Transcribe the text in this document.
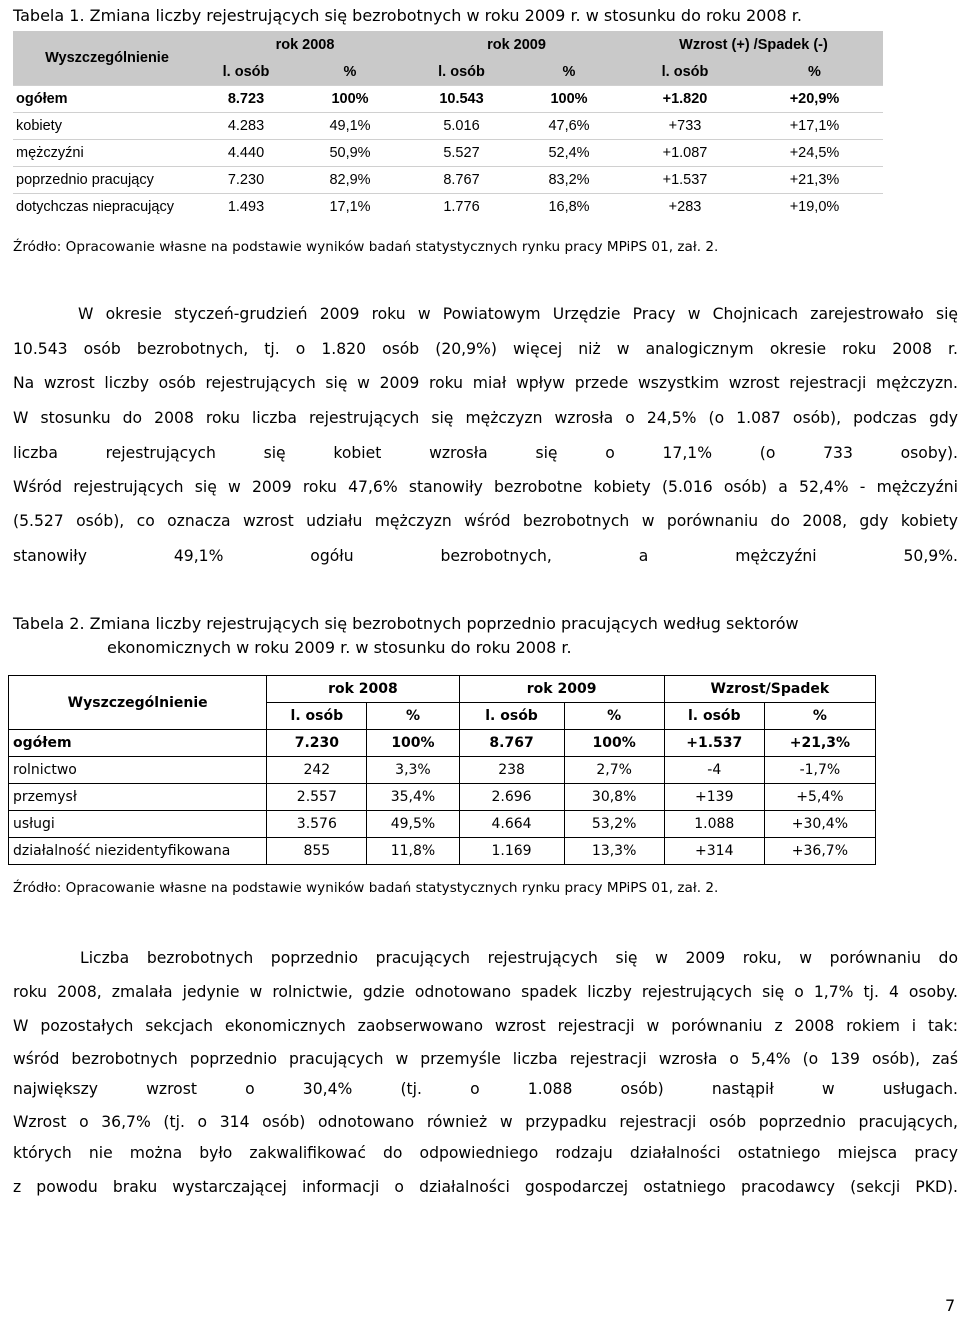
Tabela 1. Zmiana liczby rejestrujących się bezrobotnych w roku 2009 r. w stosunku do roku 2008 r.
Wyszczególnienie	rok 2008		rok 2009		Wzrost (+) /Spadek (-)	
	l. osób	%	l. osób	%	l. osób	%
ogółem	8.723	100%	10.543	100%	+1.820	+20,9%
kobiety	4.283	49,1%	5.016	47,6%	+733	+17,1%
mężczyźni	4.440	50,9%	5.527	52,4%	+1.087	+24,5%
poprzednio pracujący	7.230	82,9%	8.767	83,2%	+1.537	+21,3%
dotychczas niepracujący	1.493	17,1%	1.776	16,8%	+283	+19,0%
Źródło: Opracowanie własne na podstawie wyników badań statystycznych rynku pracy MPiPS 01, zał. 2.
W okresie styczeń-grudzień 2009 roku w Powiatowym Urzędzie Pracy w Chojnicach zarejestrowało się
10.543 osób bezrobotnych, tj. o 1.820 osób (20,9%) więcej niż w analogicznym okresie roku 2008 r.
Na wzrost liczby osób rejestrujących się w 2009 roku miał wpływ przede wszystkim wzrost rejestracji mężczyzn.
W stosunku do 2008 roku liczba rejestrujących się mężczyzn wzrosła o 24,5% (o 1.087 osób), podczas gdy
liczba rejestrujących się kobiet wzrosła się o 17,1% (o 733 osoby).
Wśród rejestrujących się w 2009 roku 47,6% stanowiły bezrobotne kobiety (5.016 osób) a 52,4% - mężczyźni
(5.527 osób), co oznacza wzrost udziału mężczyzn wśród bezrobotnych w porównaniu do 2008, gdy kobiety
stanowiły 49,1% ogółu bezrobotnych, a mężczyźni 50,9%.
Tabela 2. Zmiana liczby rejestrujących się bezrobotnych poprzednio pracujących według sektorów
ekonomicznych w roku 2009 r. w stosunku do roku 2008 r.
Wyszczególnienie	rok 2008		rok 2009		Wzrost/Spadek	
	l. osób	%	l. osób	%	l. osób	%
ogółem	7.230	100%	8.767	100%	+1.537	+21,3%
rolnictwo	242	3,3%	238	2,7%	-4	-1,7%
przemysł	2.557	35,4%	2.696	30,8%	+139	+5,4%
usługi	3.576	49,5%	4.664	53,2%	1.088	+30,4%
działalność niezidentyfikowana	855	11,8%	1.169	13,3%	+314	+36,7%
Źródło: Opracowanie własne na podstawie wyników badań statystycznych rynku pracy MPiPS 01, zał. 2.
Liczba bezrobotnych poprzednio pracujących rejestrujących się w 2009 roku, w porównaniu do
roku 2008, zmalała jedynie w rolnictwie, gdzie odnotowano spadek liczby rejestrujących się o 1,7% tj. 4 osoby.
W pozostałych sekcjach ekonomicznych zaobserwowano wzrost rejestracji w porównaniu z 2008 rokiem i tak:
wśród bezrobotnych poprzednio pracujących w przemyśle liczba rejestracji wzrosła o 5,4% (o 139 osób), zaś
największy wzrost o 30,4% (tj. o 1.088 osób) nastąpił w usługach.
Wzrost o 36,7% (tj. o 314 osób) odnotowano również w przypadku rejestracji osób poprzednio pracujących,
których nie można było zakwalifikować do odpowiedniego rodzaju działalności ostatniego miejsca pracy
z powodu braku wystarczającej informacji o działalności gospodarczej ostatniego pracodawcy (sekcji PKD).
7
